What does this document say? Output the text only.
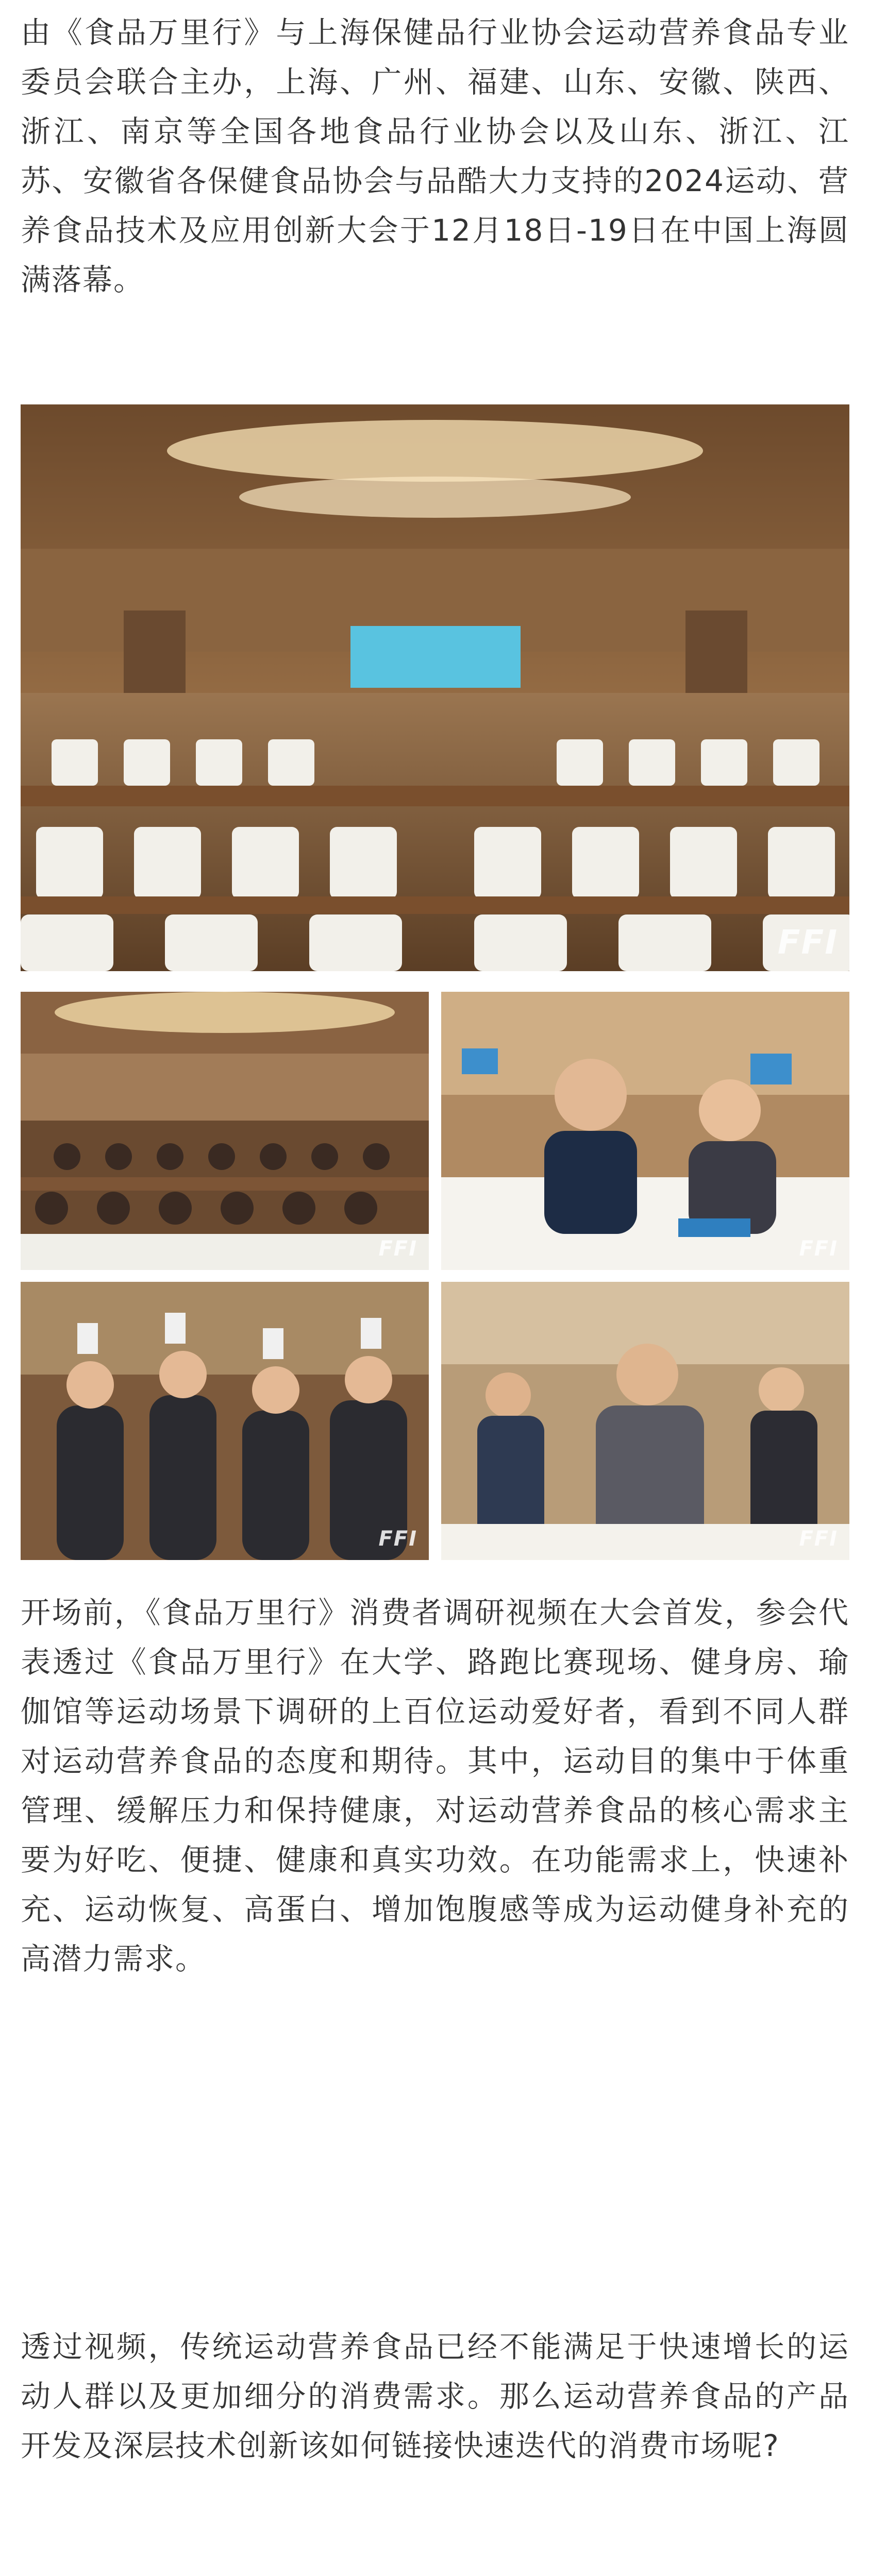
由《食品万里行》与上海保健品行业协会运动营养食品专业委员会联合主办，上海、广州、福建、山东、安徽、陕西、浙江、南京等全国各地食品行业协会以及山东、浙江、江苏、安徽省各保健食品协会与品酷大力支持的2024运动、营养食品技术及应用创新大会于12月18日-19日在中国上海圆满落幕。

FFI
FFI	FFI
FFI	FFI

开场前，《食品万里行》消费者调研视频在大会首发，参会代表透过《食品万里行》在大学、路跑比赛现场、健身房、瑜伽馆等运动场景下调研的上百位运动爱好者，看到不同人群对运动营养食品的态度和期待。其中，运动目的集中于体重管理、缓解压力和保持健康，对运动营养食品的核心需求主要为好吃、便捷、健康和真实功效。在功能需求上，快速补充、运动恢复、高蛋白、增加饱腹感等成为运动健身补充的高潜力需求。

透过视频，传统运动营养食品已经不能满足于快速增长的运动人群以及更加细分的消费需求。那么运动营养食品的产品开发及深层技术创新该如何链接快速迭代的消费市场呢?
